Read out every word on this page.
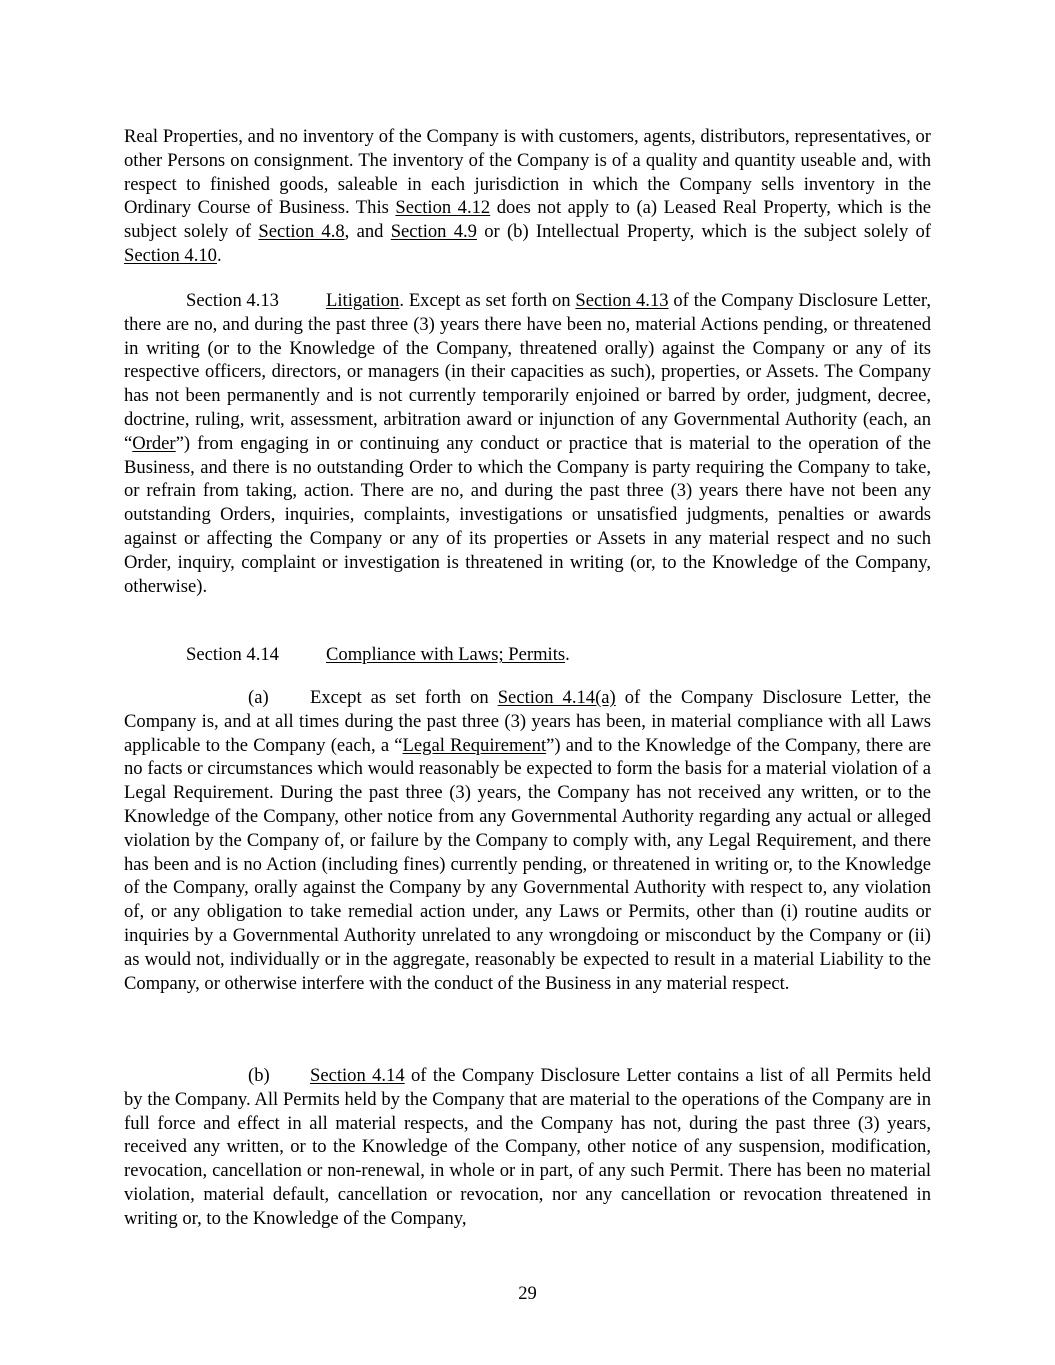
Real Properties, and no inventory of the Company is with customers, agents, distributors, representatives, or other Persons on consignment. The inventory of the Company is of a quality and quantity useable and, with respect to finished goods, saleable in each jurisdiction in which the Company sells inventory in the Ordinary Course of Business. This Section 4.12 does not apply to (a) Leased Real Property, which is the subject solely of Section 4.8, and Section 4.9 or (b) Intellectual Property, which is the subject solely of Section 4.10.

Section 4.13	Litigation. Except as set forth on Section 4.13 of the Company Disclosure Letter, there are no, and during the past three (3) years there have been no, material Actions pending, or threatened in writing (or to the Knowledge of the Company, threatened orally) against the Company or any of its respective officers, directors, or managers (in their capacities as such), properties, or Assets. The Company has not been permanently and is not currently temporarily enjoined or barred by order, judgment, decree, doctrine, ruling, writ, assessment, arbitration award or injunction of any Governmental Authority (each, an “Order”) from engaging in or continuing any conduct or practice that is material to the operation of the Business, and there is no outstanding Order to which the Company is party requiring the Company to take, or refrain from taking, action. There are no, and during the past three (3) years there have not been any outstanding Orders, inquiries, complaints, investigations or unsatisfied judgments, penalties or awards against or affecting the Company or any of its properties or Assets in any material respect and no such Order, inquiry, complaint or investigation is threatened in writing (or, to the Knowledge of the Company, otherwise).

Section 4.14	Compliance with Laws; Permits.

(a) Except as set forth on Section 4.14(a) of the Company Disclosure Letter, the Company is, and at all times during the past three (3) years has been, in material compliance with all Laws applicable to the Company (each, a “Legal Requirement”) and to the Knowledge of the Company, there are no facts or circumstances which would reasonably be expected to form the basis for a material violation of a Legal Requirement. During the past three (3) years, the Company has not received any written, or to the Knowledge of the Company, other notice from any Governmental Authority regarding any actual or alleged violation by the Company of, or failure by the Company to comply with, any Legal Requirement, and there has been and is no Action (including fines) currently pending, or threatened in writing or, to the Knowledge of the Company, orally against the Company by any Governmental Authority with respect to, any violation of, or any obligation to take remedial action under, any Laws or Permits, other than (i) routine audits or inquiries by a Governmental Authority unrelated to any wrongdoing or misconduct by the Company or (ii) as would not, individually or in the aggregate, reasonably be expected to result in a material Liability to the Company, or otherwise interfere with the conduct of the Business in any material respect.

(b) Section 4.14 of the Company Disclosure Letter contains a list of all Permits held by the Company. All Permits held by the Company that are material to the operations of the Company are in full force and effect in all material respects, and the Company has not, during the past three (3) years, received any written, or to the Knowledge of the Company, other notice of any suspension, modification, revocation, cancellation or non-renewal, in whole or in part, of any such Permit. There has been no material violation, material default, cancellation or revocation, nor any cancellation or revocation threatened in writing or, to the Knowledge of the Company,

29
